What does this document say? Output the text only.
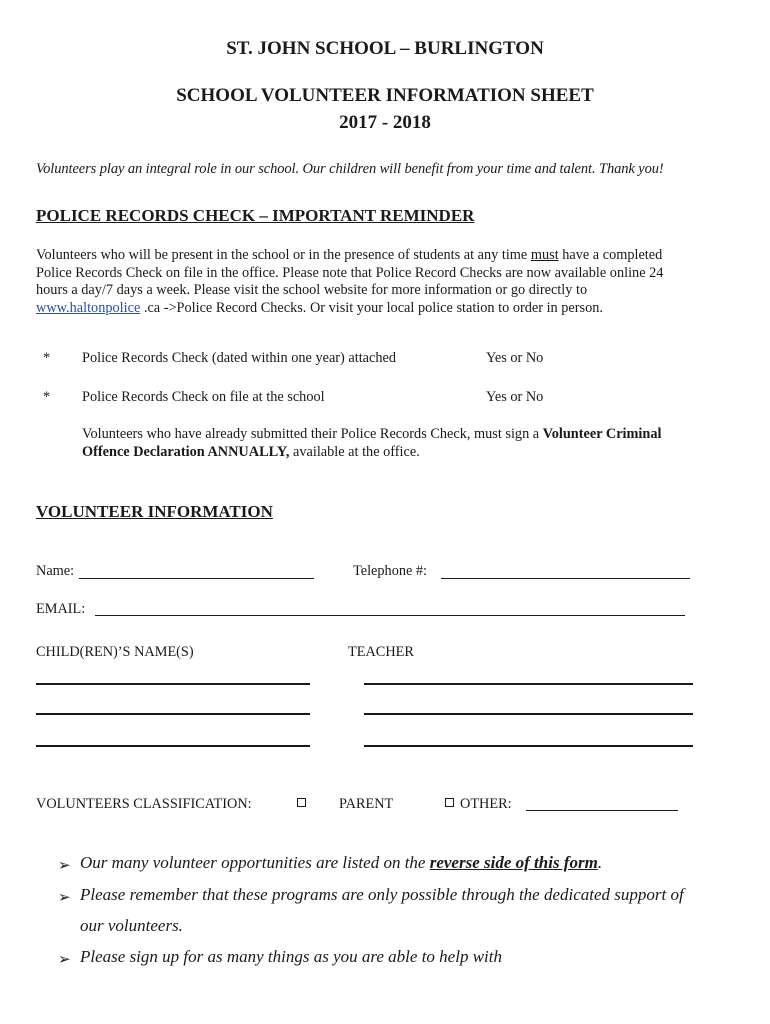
ST. JOHN SCHOOL – BURLINGTON
SCHOOL VOLUNTEER INFORMATION SHEET
2017 - 2018
Volunteers play an integral role in our school. Our children will benefit from your time and talent. Thank you!
POLICE RECORDS CHECK – IMPORTANT REMINDER
Volunteers who will be present in the school or in the presence of students at any time must have a completed
Police Records Check on file in the office. Please note that Police Record Checks are now available online 24
hours a day/7 days a week. Please visit the school website for more information or go directly to
www.haltonpolice .ca ->Police Record Checks. Or visit your local police station to order in person.
* Police Records Check (dated within one year) attached	Yes or No
* Police Records Check on file at the school	Yes or No
Volunteers who have already submitted their Police Records Check, must sign a Volunteer Criminal
Offence Declaration ANNUALLY, available at the office.
VOLUNTEER INFORMATION
Name:	Telephone #:
EMAIL:
CHILD(REN)’S NAME(S)	TEACHER
VOLUNTEERS CLASSIFICATION:	PARENT	OTHER:
➢ Our many volunteer opportunities are listed on the reverse side of this form.
➢ Please remember that these programs are only possible through the dedicated support of
our volunteers.
➢ Please sign up for as many things as you are able to help with
